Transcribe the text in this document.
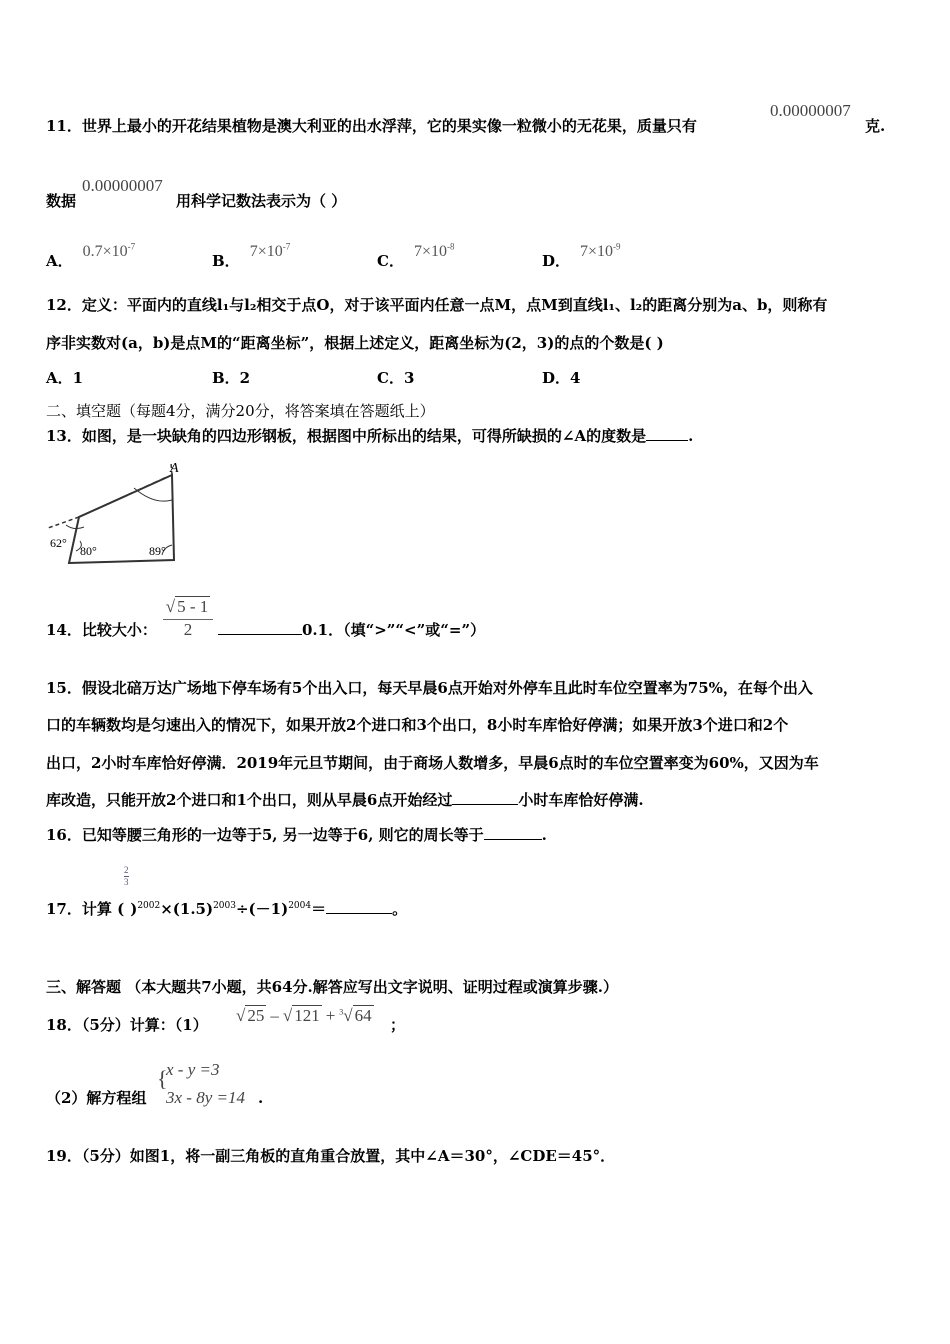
11．世界上最小的开花结果植物是澳大利亚的出水浮萍，它的果实像一粒微小的无花果，质量只有
0.00000007
克.
数据
0.00000007
用科学记数法表示为（ ）
A．$0.7\times 10^{-7}$
B．$7\times 10^{-7}$
C．$7\times 10^{-8}$
D．$7\times 10^{-9}$
12．定义：平面内的直线l₁与l₂相交于点O，对于该平面内任意一点M，点M到直线l₁、l₂的距离分别为a、b，则称有
序非实数对(a，b)是点M的“距离坐标”，根据上述定义，距离坐标为(2，3)的点的个数是( )
A．1	B．2	C．3	D．4
二、填空题（每题4分，满分20分，将答案填在答题纸上）
13．如图，是一块缺角的四边形钢板，根据图中所标出的结果，可得所缺损的∠A的度数是	.
A
62°
80°	89°
14．比较大小： $\frac{√ 5 - 1}{2}$	0.1．（填“>”“<”或“=”）
15．假设北碚万达广场地下停车场有5个出入口，每天早晨6点开始对外停车且此时车位空置率为75%，在每个出入
口的车辆数均是匀速出入的情况下，如果开放2个进口和3个出口，8小时车库恰好停满；如果开放3个进口和2个
出口，2小时车库恰好停满．2019年元旦节期间，由于商场人数增多，早晨6点时的车位空置率变为60%，又因为车
库改造，只能开放2个进口和1个出口，则从早晨6点开始经过	小时车库恰好停满.
16．已知等腰三角形的一边等于5, 另一边等于6, 则它的周长等于	.
2
3
17．计算 ( )$^{2002}\times(1.5)^{2003}\div(-1)^{2004}=$	。
三、解答题 （本大题共7小题，共64分.解答应写出文字说明、证明过程或演算步骤.）
18．（5分）计算：（1） √ 25 – √ 121 + $^3$√ 64 ；
（2）解方程组
{
x - y =3
3x - 8y =14 .
19．（5分）如图1，将一副三角板的直角重合放置，其中∠A＝30°，∠CDE＝45°．
